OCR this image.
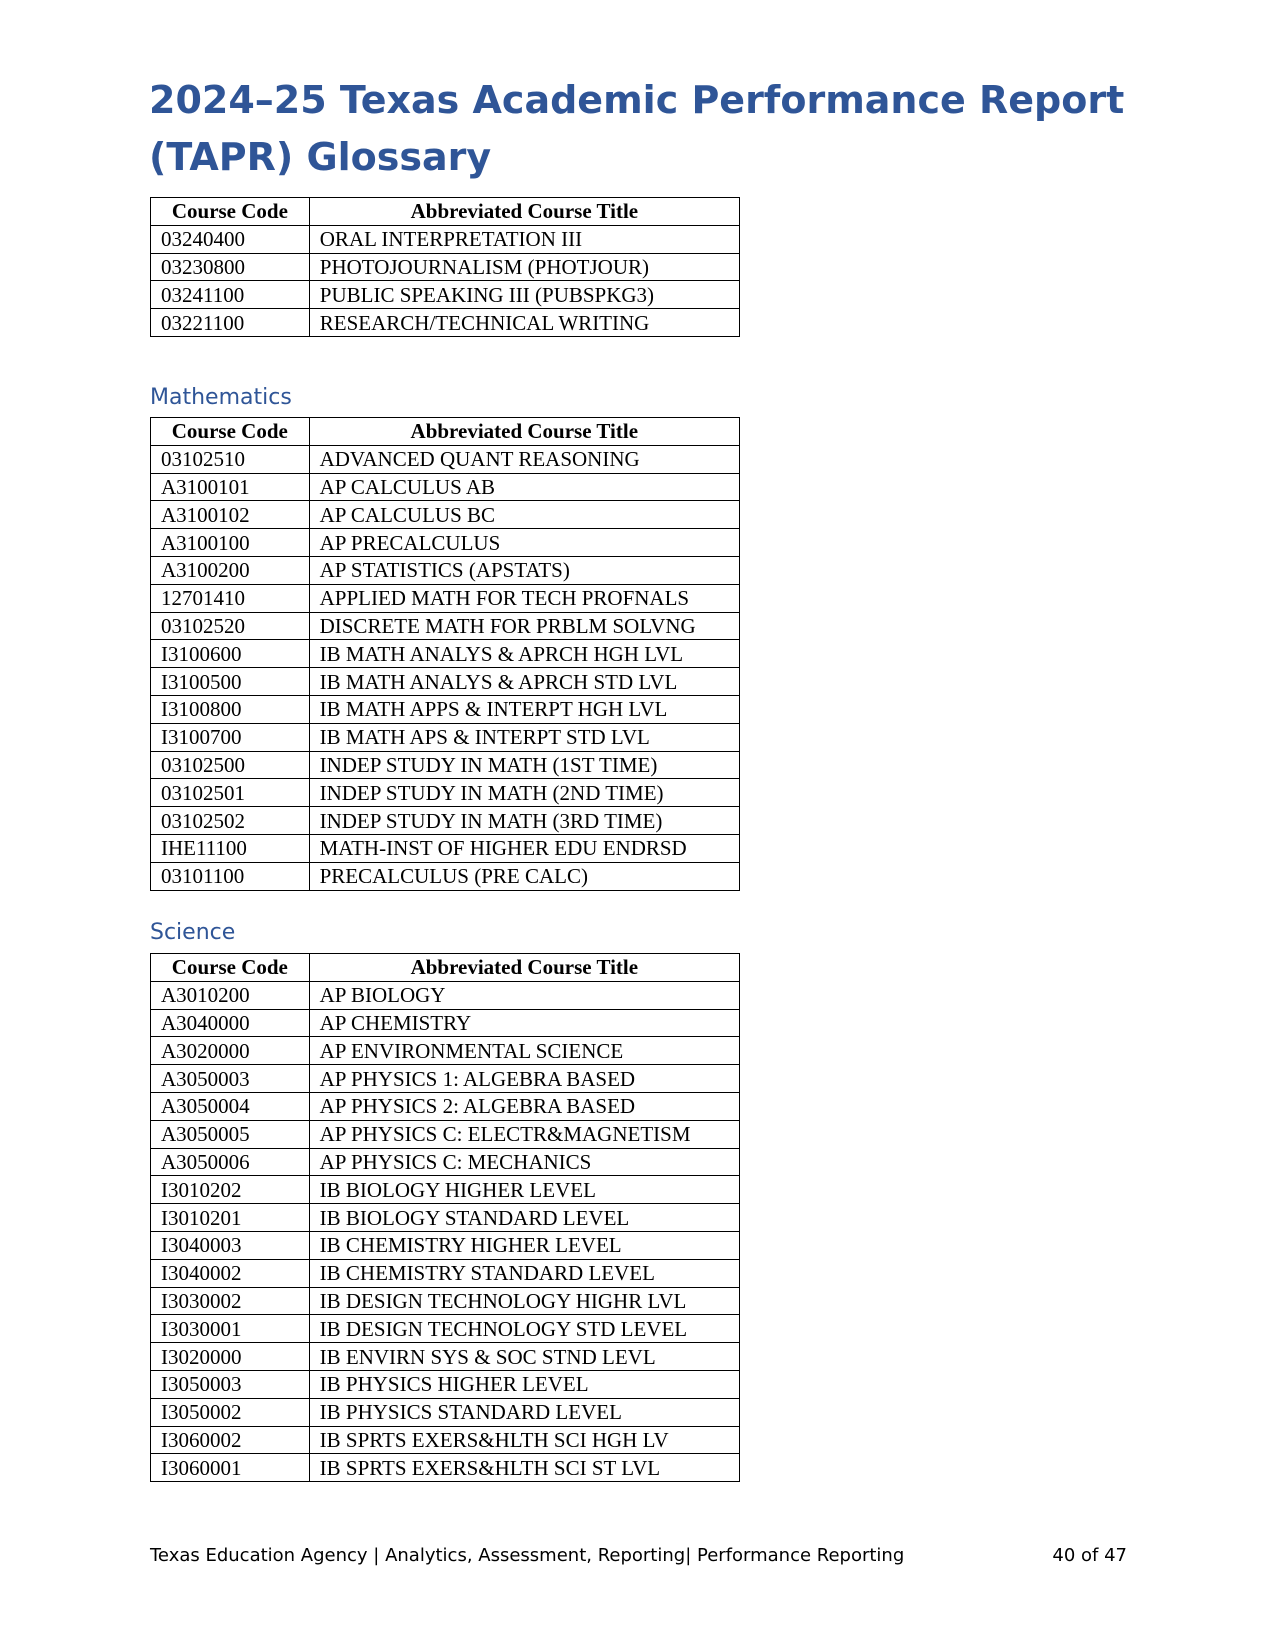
2024–25 Texas Academic Performance Report (TAPR) Glossary
Course Code	Abbreviated Course Title
03240400	ORAL INTERPRETATION III
03230800	PHOTOJOURNALISM (PHOTJOUR)
03241100	PUBLIC SPEAKING III (PUBSPKG3)
03221100	RESEARCH/TECHNICAL WRITING
Mathematics
Course Code	Abbreviated Course Title
03102510	ADVANCED QUANT REASONING
A3100101	AP CALCULUS AB
A3100102	AP CALCULUS BC
A3100100	AP PRECALCULUS
A3100200	AP STATISTICS (APSTATS)
12701410	APPLIED MATH FOR TECH PROFNALS
03102520	DISCRETE MATH FOR PRBLM SOLVNG
I3100600	IB MATH ANALYS & APRCH HGH LVL
I3100500	IB MATH ANALYS & APRCH STD LVL
I3100800	IB MATH APPS & INTERPT HGH LVL
I3100700	IB MATH APS & INTERPT STD LVL
03102500	INDEP STUDY IN MATH (1ST TIME)
03102501	INDEP STUDY IN MATH (2ND TIME)
03102502	INDEP STUDY IN MATH (3RD TIME)
IHE11100	MATH-INST OF HIGHER EDU ENDRSD
03101100	PRECALCULUS (PRE CALC)
Science
Course Code	Abbreviated Course Title
A3010200	AP BIOLOGY
A3040000	AP CHEMISTRY
A3020000	AP ENVIRONMENTAL SCIENCE
A3050003	AP PHYSICS 1: ALGEBRA BASED
A3050004	AP PHYSICS 2: ALGEBRA BASED
A3050005	AP PHYSICS C: ELECTR&MAGNETISM
A3050006	AP PHYSICS C: MECHANICS
I3010202	IB BIOLOGY HIGHER LEVEL
I3010201	IB BIOLOGY STANDARD LEVEL
I3040003	IB CHEMISTRY HIGHER LEVEL
I3040002	IB CHEMISTRY STANDARD LEVEL
I3030002	IB DESIGN TECHNOLOGY HIGHR LVL
I3030001	IB DESIGN TECHNOLOGY STD LEVEL
I3020000	IB ENVIRN SYS & SOC STND LEVL
I3050003	IB PHYSICS HIGHER LEVEL
I3050002	IB PHYSICS STANDARD LEVEL
I3060002	IB SPRTS EXERS&HLTH SCI HGH LV
I3060001	IB SPRTS EXERS&HLTH SCI ST LVL
Texas Education Agency | Analytics, Assessment, Reporting| Performance Reporting	40 of 47
